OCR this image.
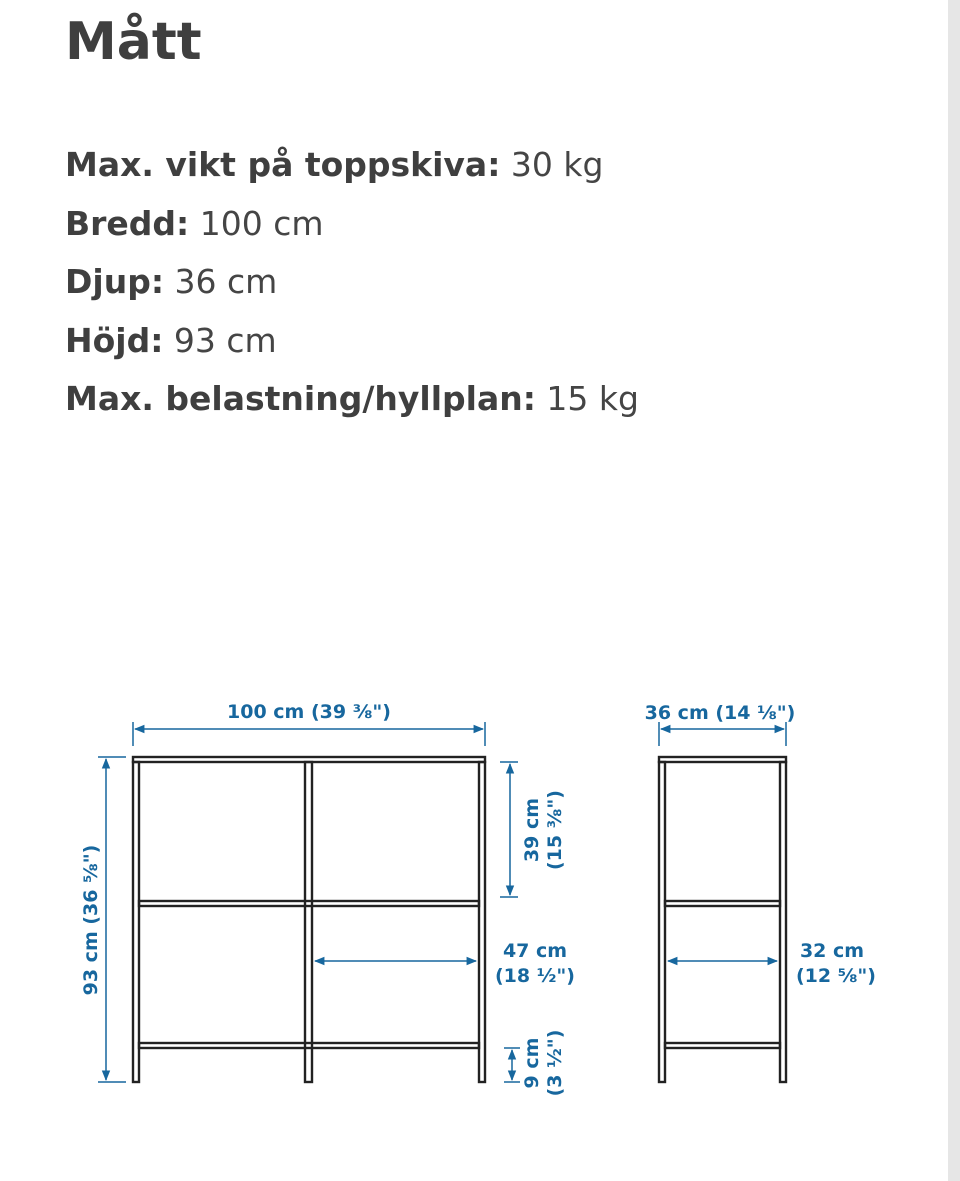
Mått
Max. vikt på toppskiva: 30 kg
Bredd: 100 cm
Djup: 36 cm
Höjd: 93 cm
Max. belastning/hyllplan: 15 kg
100 cm (39 ⅜")
93 cm (36 ⅝")
39 cm (15 ⅜")
47 cm
(18 ½")
9 cm (3 ½")
36 cm (14 ⅛")
32 cm
(12 ⅝")
